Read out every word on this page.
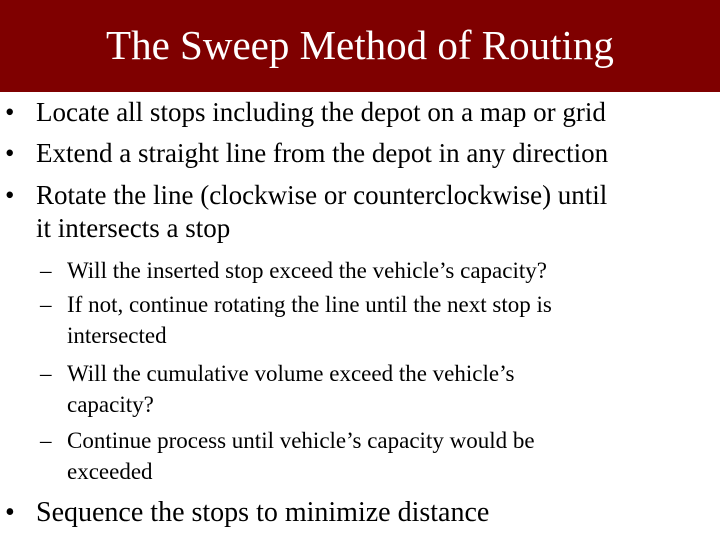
The Sweep Method of Routing
• Locate all stops including the depot on a map or grid
• Extend a straight line from the depot in any direction
• Rotate the line (clockwise or counterclockwise) until
it intersects a stop
– Will the inserted stop exceed the vehicle’s capacity?
– If not, continue rotating the line until the next stop is
intersected
– Will the cumulative volume exceed the vehicle’s
capacity?
– Continue process until vehicle’s capacity would be
exceeded
• Sequence the stops to minimize distance
